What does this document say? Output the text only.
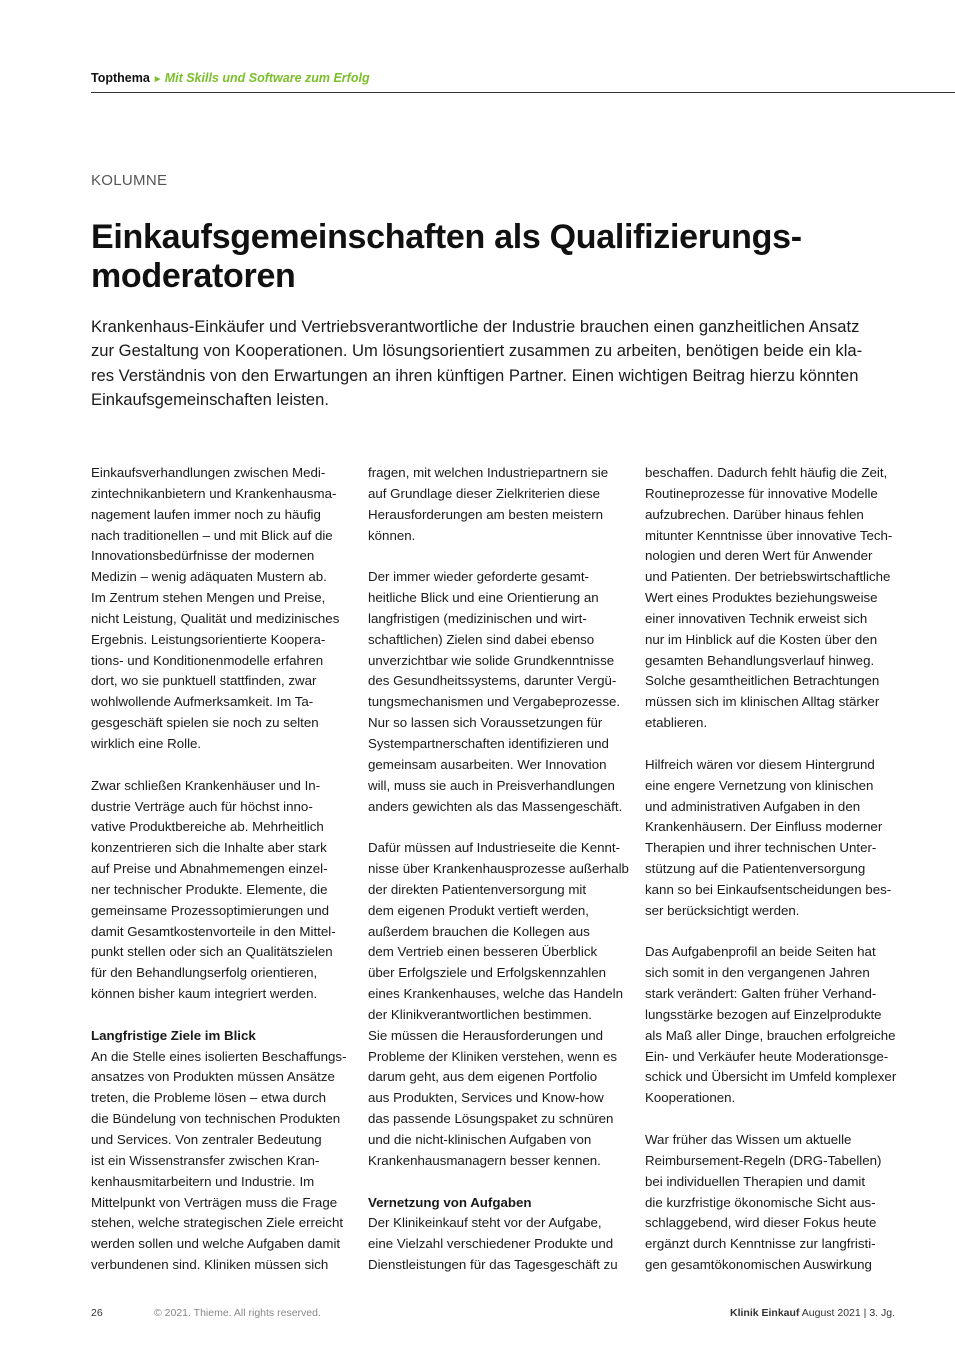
Topthema ► Mit Skills und Software zum Erfolg
KOLUMNE
Einkaufsgemeinschaften als Qualifizierungs-
moderatoren

Krankenhaus-Einkäufer und Vertriebsverantwortliche der Industrie brauchen einen ganzheitlichen Ansatz
zur Gestaltung von Kooperationen. Um lösungsorientiert zusammen zu arbeiten, benötigen beide ein kla-
res Verständnis von den Erwartungen an ihren künftigen Partner. Einen wichtigen Beitrag hierzu könnten
Einkaufsgemeinschaften leisten.

Einkaufsverhandlungen zwischen Medi-
zintechnikanbietern und Krankenhausma-
nagement laufen immer noch zu häufig
nach traditionellen – und mit Blick auf die
Innovationsbedürfnisse der modernen
Medizin – wenig adäquaten Mustern ab.
Im Zentrum stehen Mengen und Preise,
nicht Leistung, Qualität und medizinisches
Ergebnis. Leistungsorientierte Koopera-
tions- und Konditionenmodelle erfahren
dort, wo sie punktuell stattfinden, zwar
wohlwollende Aufmerksamkeit. Im Ta-
gesgeschäft spielen sie noch zu selten
wirklich eine Rolle.

Zwar schließen Krankenhäuser und In-
dustrie Verträge auch für höchst inno-
vative Produktbereiche ab. Mehrheitlich
konzentrieren sich die Inhalte aber stark
auf Preise und Abnahmemengen einzel-
ner technischer Produkte. Elemente, die
gemeinsame Prozessoptimierungen und
damit Gesamtkostenvorteile in den Mittel-
punkt stellen oder sich an Qualitätszielen
für den Behandlungserfolg orientieren,
können bisher kaum integriert werden.

Langfristige Ziele im Blick

An die Stelle eines isolierten Beschaffungs-
ansatzes von Produkten müssen Ansätze
treten, die Probleme lösen – etwa durch
die Bündelung von technischen Produkten
und Services. Von zentraler Bedeutung
ist ein Wissenstransfer zwischen Kran-
kenhausmitarbeitern und Industrie. Im
Mittelpunkt von Verträgen muss die Frage
stehen, welche strategischen Ziele erreicht
werden sollen und welche Aufgaben damit
verbundenen sind. Kliniken müssen sich

fragen, mit welchen Industriepartnern sie
auf Grundlage dieser Zielkriterien diese
Herausforderungen am besten meistern
können.

Der immer wieder geforderte gesamt-
heitliche Blick und eine Orientierung an
langfristigen (medizinischen und wirt-
schaftlichen) Zielen sind dabei ebenso
unverzichtbar wie solide Grundkenntnisse
des Gesundheitssystems, darunter Vergü-
tungsmechanismen und Vergabeprozesse.
Nur so lassen sich Voraussetzungen für
Systempartnerschaften identifizieren und
gemeinsam ausarbeiten. Wer Innovation
will, muss sie auch in Preisverhandlungen
anders gewichten als das Massengeschäft.

Dafür müssen auf Industrieseite die Kennt-
nisse über Krankenhausprozesse außerhalb
der direkten Patientenversorgung mit
dem eigenen Produkt vertieft werden,
außerdem brauchen die Kollegen aus
dem Vertrieb einen besseren Überblick
über Erfolgsziele und Erfolgskennzahlen
eines Krankenhauses, welche das Handeln
der Klinikverantwortlichen bestimmen.
Sie müssen die Herausforderungen und
Probleme der Kliniken verstehen, wenn es
darum geht, aus dem eigenen Portfolio
aus Produkten, Services und Know-how
das passende Lösungspaket zu schnüren
und die nicht-klinischen Aufgaben von
Krankenhausmanagern besser kennen.

Vernetzung von Aufgaben

Der Klinikeinkauf steht vor der Aufgabe,
eine Vielzahl verschiedener Produkte und
Dienstleistungen für das Tagesgeschäft zu

beschaffen. Dadurch fehlt häufig die Zeit,
Routineprozesse für innovative Modelle
aufzubrechen. Darüber hinaus fehlen
mitunter Kenntnisse über innovative Tech-
nologien und deren Wert für Anwender
und Patienten. Der betriebswirtschaftliche
Wert eines Produktes beziehungsweise
einer innovativen Technik erweist sich
nur im Hinblick auf die Kosten über den
gesamten Behandlungsverlauf hinweg.
Solche gesamtheitlichen Betrachtungen
müssen sich im klinischen Alltag stärker
etablieren.

Hilfreich wären vor diesem Hintergrund
eine engere Vernetzung von klinischen
und administrativen Aufgaben in den
Krankenhäusern. Der Einfluss moderner
Therapien und ihrer technischen Unter-
stützung auf die Patientenversorgung
kann so bei Einkaufsentscheidungen bes-
ser berücksichtigt werden.

Das Aufgabenprofil an beide Seiten hat
sich somit in den vergangenen Jahren
stark verändert: Galten früher Verhand-
lungsstärke bezogen auf Einzelprodukte
als Maß aller Dinge, brauchen erfolgreiche
Ein- und Verkäufer heute Moderationsge-
schick und Übersicht im Umfeld komplexer
Kooperationen.

War früher das Wissen um aktuelle
Reimbursement-Regeln (DRG-Tabellen)
bei individuellen Therapien und damit
die kurzfristige ökonomische Sicht aus-
schlaggebend, wird dieser Fokus heute
ergänzt durch Kenntnisse zur langfristi-
gen gesamtökonomischen Auswirkung

26	© 2021. Thieme. All rights reserved.	Klinik Einkauf August 2021 | 3. Jg.
